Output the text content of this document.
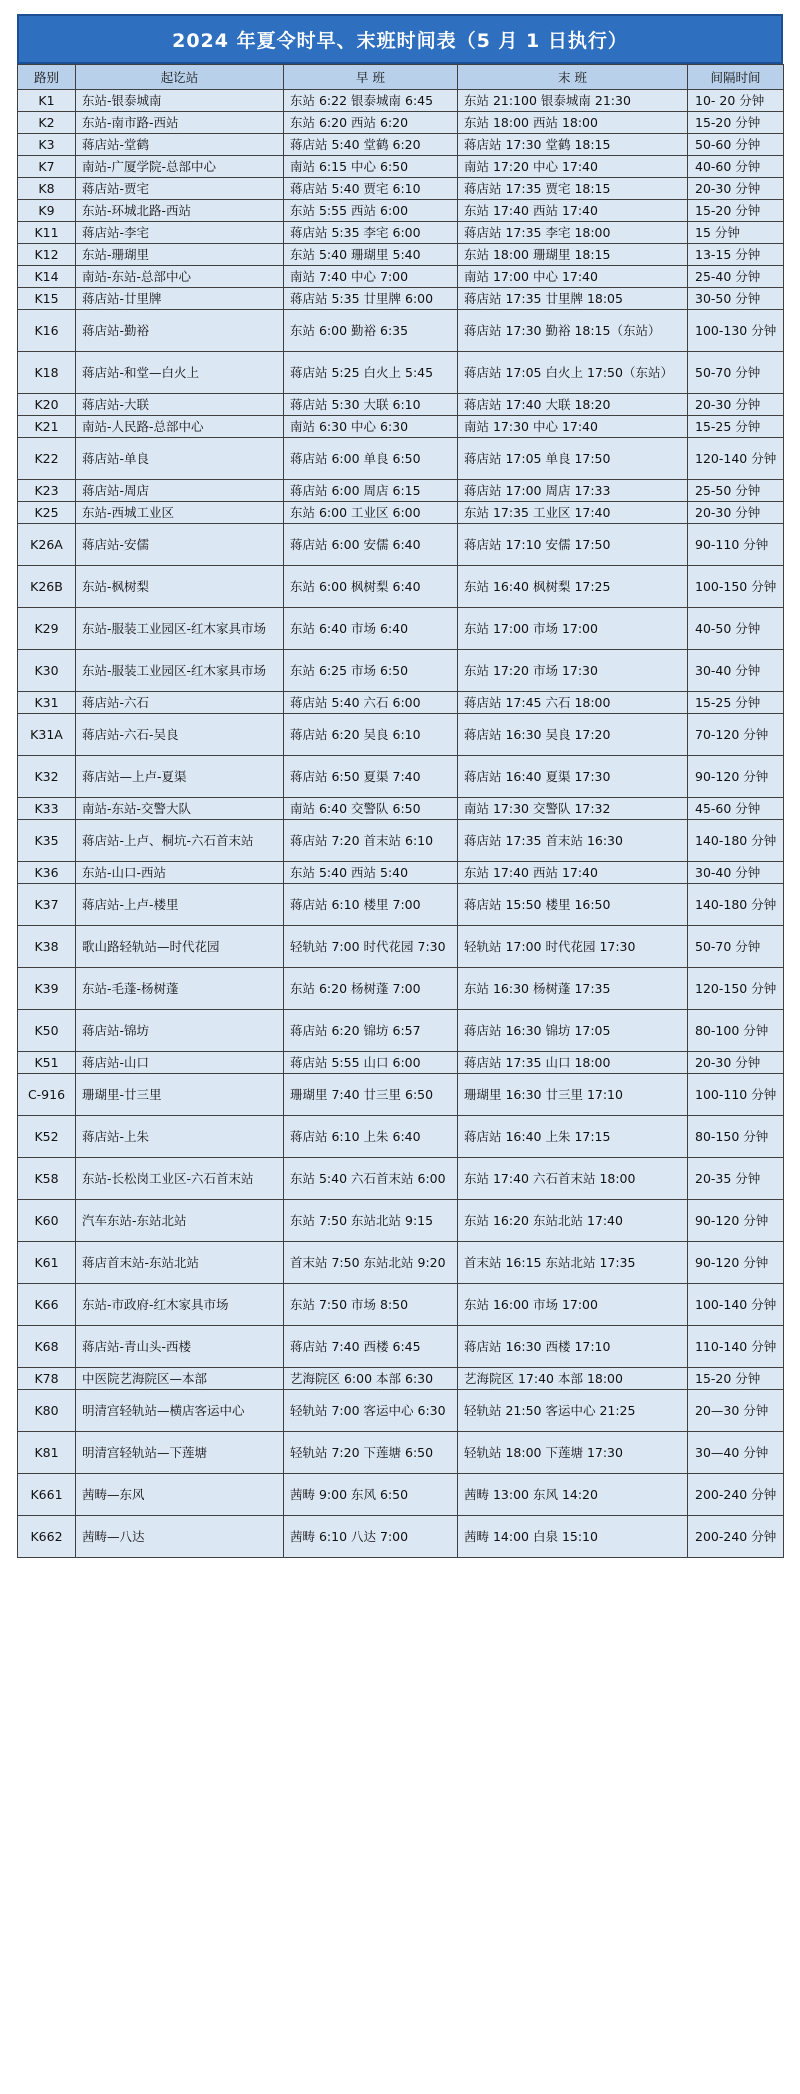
2024 年夏令时早、末班时间表（5 月 1 日执行）
路别	起讫站	早 班	末 班	间隔时间
K1	东站-银泰城南	东站 6:22 银泰城南 6:45	东站 21:100 银泰城南 21:30	10- 20 分钟
K2	东站-南市路-西站	东站 6:20 西站 6:20	东站 18:00 西站 18:00	15-20 分钟
K3	蒋店站-堂鹤	蒋店站 5:40 堂鹤 6:20	蒋店站 17:30 堂鹤 18:15	50-60 分钟
K7	南站-广厦学院-总部中心	南站 6:15 中心 6:50	南站 17:20 中心 17:40	40-60 分钟
K8	蒋店站-贾宅	蒋店站 5:40 贾宅 6:10	蒋店站 17:35 贾宅 18:15	20-30 分钟
K9	东站-环城北路-西站	东站 5:55 西站 6:00	东站 17:40 西站 17:40	15-20 分钟
K11	蒋店站-李宅	蒋店站 5:35 李宅 6:00	蒋店站 17:35 李宅 18:00	15 分钟
K12	东站-珊瑚里	东站 5:40 珊瑚里 5:40	东站 18:00 珊瑚里 18:15	13-15 分钟
K14	南站-东站-总部中心	南站 7:40 中心 7:00	南站 17:00 中心 17:40	25-40 分钟
K15	蒋店站-廿里牌	蒋店站 5:35 廿里牌 6:00	蒋店站 17:35 廿里牌 18:05	30-50 分钟
K16	蒋店站-勤裕	东站 6:00 勤裕 6:35	蒋店站 17:30 勤裕 18:15（东站）	100-130 分钟
K18	蒋店站-和堂—白火上	蒋店站 5:25 白火上 5:45	蒋店站 17:05 白火上 17:50（东站）	50-70 分钟
K20	蒋店站-大联	蒋店站 5:30 大联 6:10	蒋店站 17:40 大联 18:20	20-30 分钟
K21	南站-人民路-总部中心	南站 6:30 中心 6:30	南站 17:30 中心 17:40	15-25 分钟
K22	蒋店站-单良	蒋店站 6:00 单良 6:50	蒋店站 17:05 单良 17:50	120-140 分钟
K23	蒋店站-周店	蒋店站 6:00 周店 6:15	蒋店站 17:00 周店 17:33	25-50 分钟
K25	东站-西城工业区	东站 6:00 工业区 6:00	东站 17:35 工业区 17:40	20-30 分钟
K26A	蒋店站-安儒	蒋店站 6:00 安儒 6:40	蒋店站 17:10 安儒 17:50	90-110 分钟
K26B	东站-枫树梨	东站 6:00 枫树梨 6:40	东站 16:40 枫树梨 17:25	100-150 分钟
K29	东站-服装工业园区-红木家具市场	东站 6:40 市场 6:40	东站 17:00 市场 17:00	40-50 分钟
K30	东站-服装工业园区-红木家具市场	东站 6:25 市场 6:50	东站 17:20 市场 17:30	30-40 分钟
K31	蒋店站-六石	蒋店站 5:40 六石 6:00	蒋店站 17:45 六石 18:00	15-25 分钟
K31A	蒋店站-六石-吴良	蒋店站 6:20 吴良 6:10	蒋店站 16:30 吴良 17:20	70-120 分钟
K32	蒋店站—上卢-夏渠	蒋店站 6:50 夏渠 7:40	蒋店站 16:40 夏渠 17:30	90-120 分钟
K33	南站-东站-交警大队	南站 6:40 交警队 6:50	南站 17:30 交警队 17:32	45-60 分钟
K35	蒋店站-上卢、桐坑-六石首末站	蒋店站 7:20 首末站 6:10	蒋店站 17:35 首末站 16:30	140-180 分钟
K36	东站-山口-西站	东站 5:40 西站 5:40	东站 17:40 西站 17:40	30-40 分钟
K37	蒋店站-上卢-楼里	蒋店站 6:10 楼里 7:00	蒋店站 15:50 楼里 16:50	140-180 分钟
K38	歌山路轻轨站—时代花园	轻轨站 7:00 时代花园 7:30	轻轨站 17:00 时代花园 17:30	50-70 分钟
K39	东站-毛蓬-杨树蓬	东站 6:20 杨树蓬 7:00	东站 16:30 杨树蓬 17:35	120-150 分钟
K50	蒋店站-锦坊	蒋店站 6:20 锦坊 6:57	蒋店站 16:30 锦坊 17:05	80-100 分钟
K51	蒋店站-山口	蒋店站 5:55 山口 6:00	蒋店站 17:35 山口 18:00	20-30 分钟
C-916	珊瑚里-廿三里	珊瑚里 7:40 廿三里 6:50	珊瑚里 16:30 廿三里 17:10	100-110 分钟
K52	蒋店站-上朱	蒋店站 6:10 上朱 6:40	蒋店站 16:40 上朱 17:15	80-150 分钟
K58	东站-长松岗工业区-六石首末站	东站 5:40 六石首末站 6:00	东站 17:40 六石首末站 18:00	20-35 分钟
K60	汽车东站-东站北站	东站 7:50 东站北站 9:15	东站 16:20 东站北站 17:40	90-120 分钟
K61	蒋店首末站-东站北站	首末站 7:50 东站北站 9:20	首末站 16:15 东站北站 17:35	90-120 分钟
K66	东站-市政府-红木家具市场	东站 7:50 市场 8:50	东站 16:00 市场 17:00	100-140 分钟
K68	蒋店站-青山头-西楼	蒋店站 7:40 西楼 6:45	蒋店站 16:30 西楼 17:10	110-140 分钟
K78	中医院艺海院区—本部	艺海院区 6:00 本部 6:30	艺海院区 17:40 本部 18:00	15-20 分钟
K80	明清宫轻轨站—横店客运中心	轻轨站 7:00 客运中心 6:30	轻轨站 21:50 客运中心 21:25	20—30 分钟
K81	明清宫轻轨站—下莲塘	轻轨站 7:20 下莲塘 6:50	轻轨站 18:00 下莲塘 17:30	30—40 分钟
K661	茜畴—东风	茜畴 9:00 东风 6:50	茜畴 13:00 东风 14:20	200-240 分钟
K662	茜畴—八达	茜畴 6:10 八达 7:00	茜畴 14:00 白泉 15:10	200-240 分钟
